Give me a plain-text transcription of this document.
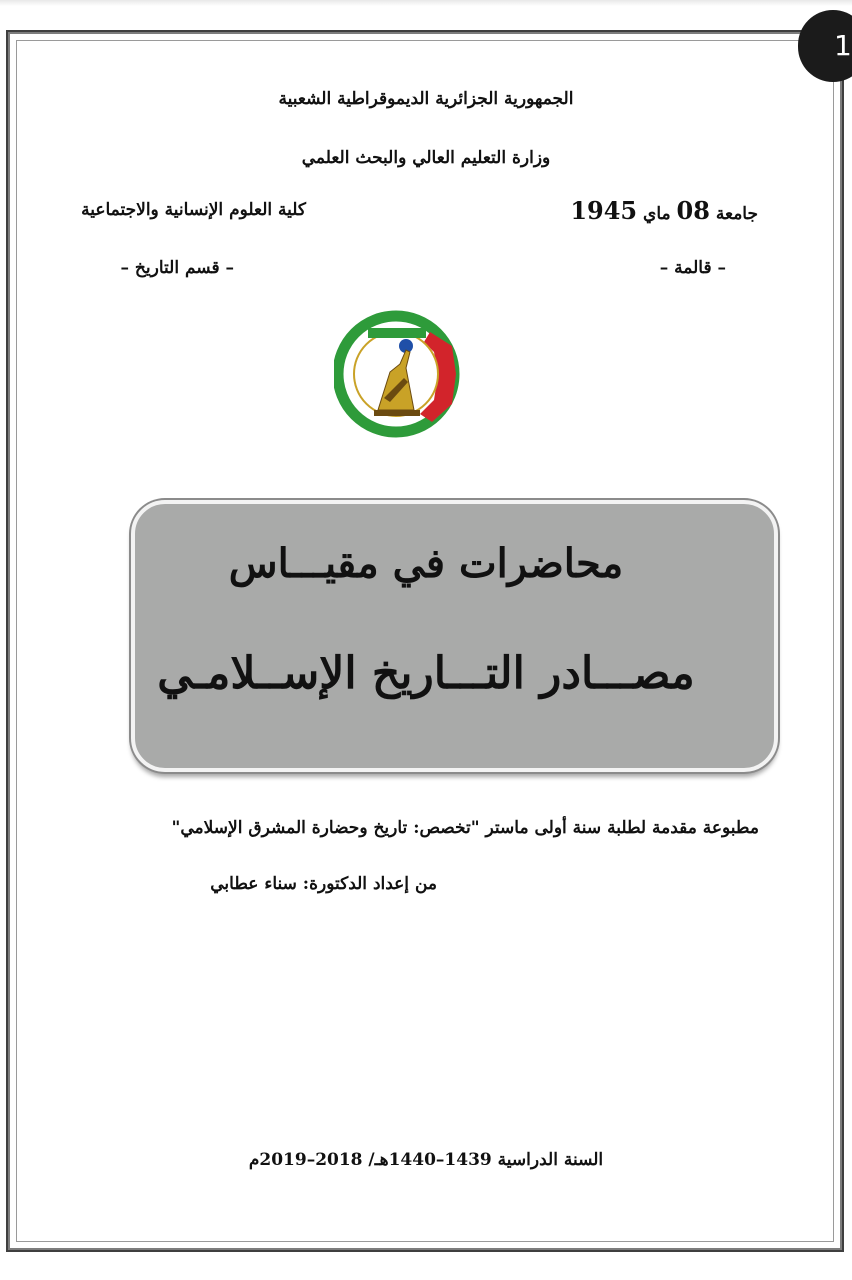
1
الجمهورية الجزائرية الديموقراطية الشعبية
وزارة التعليم العالي والبحث العلمي
جامعة 08 ماي 1945
كلية العلوم الإنسانية والاجتماعية
– قالمة –
– قسم التاريخ –
محاضرات في مقيـــاس
مصـــادر التـــاريخ الإســلامـي
مطبوعة مقدمة لطلبة سنة أولى ماستر "تخصص: تاريخ وحضارة المشرق الإسلامي"
من إعداد الدكتورة: سناء عطابي
السنة الدراسية 1439–1440هـ/ 2018–2019م
